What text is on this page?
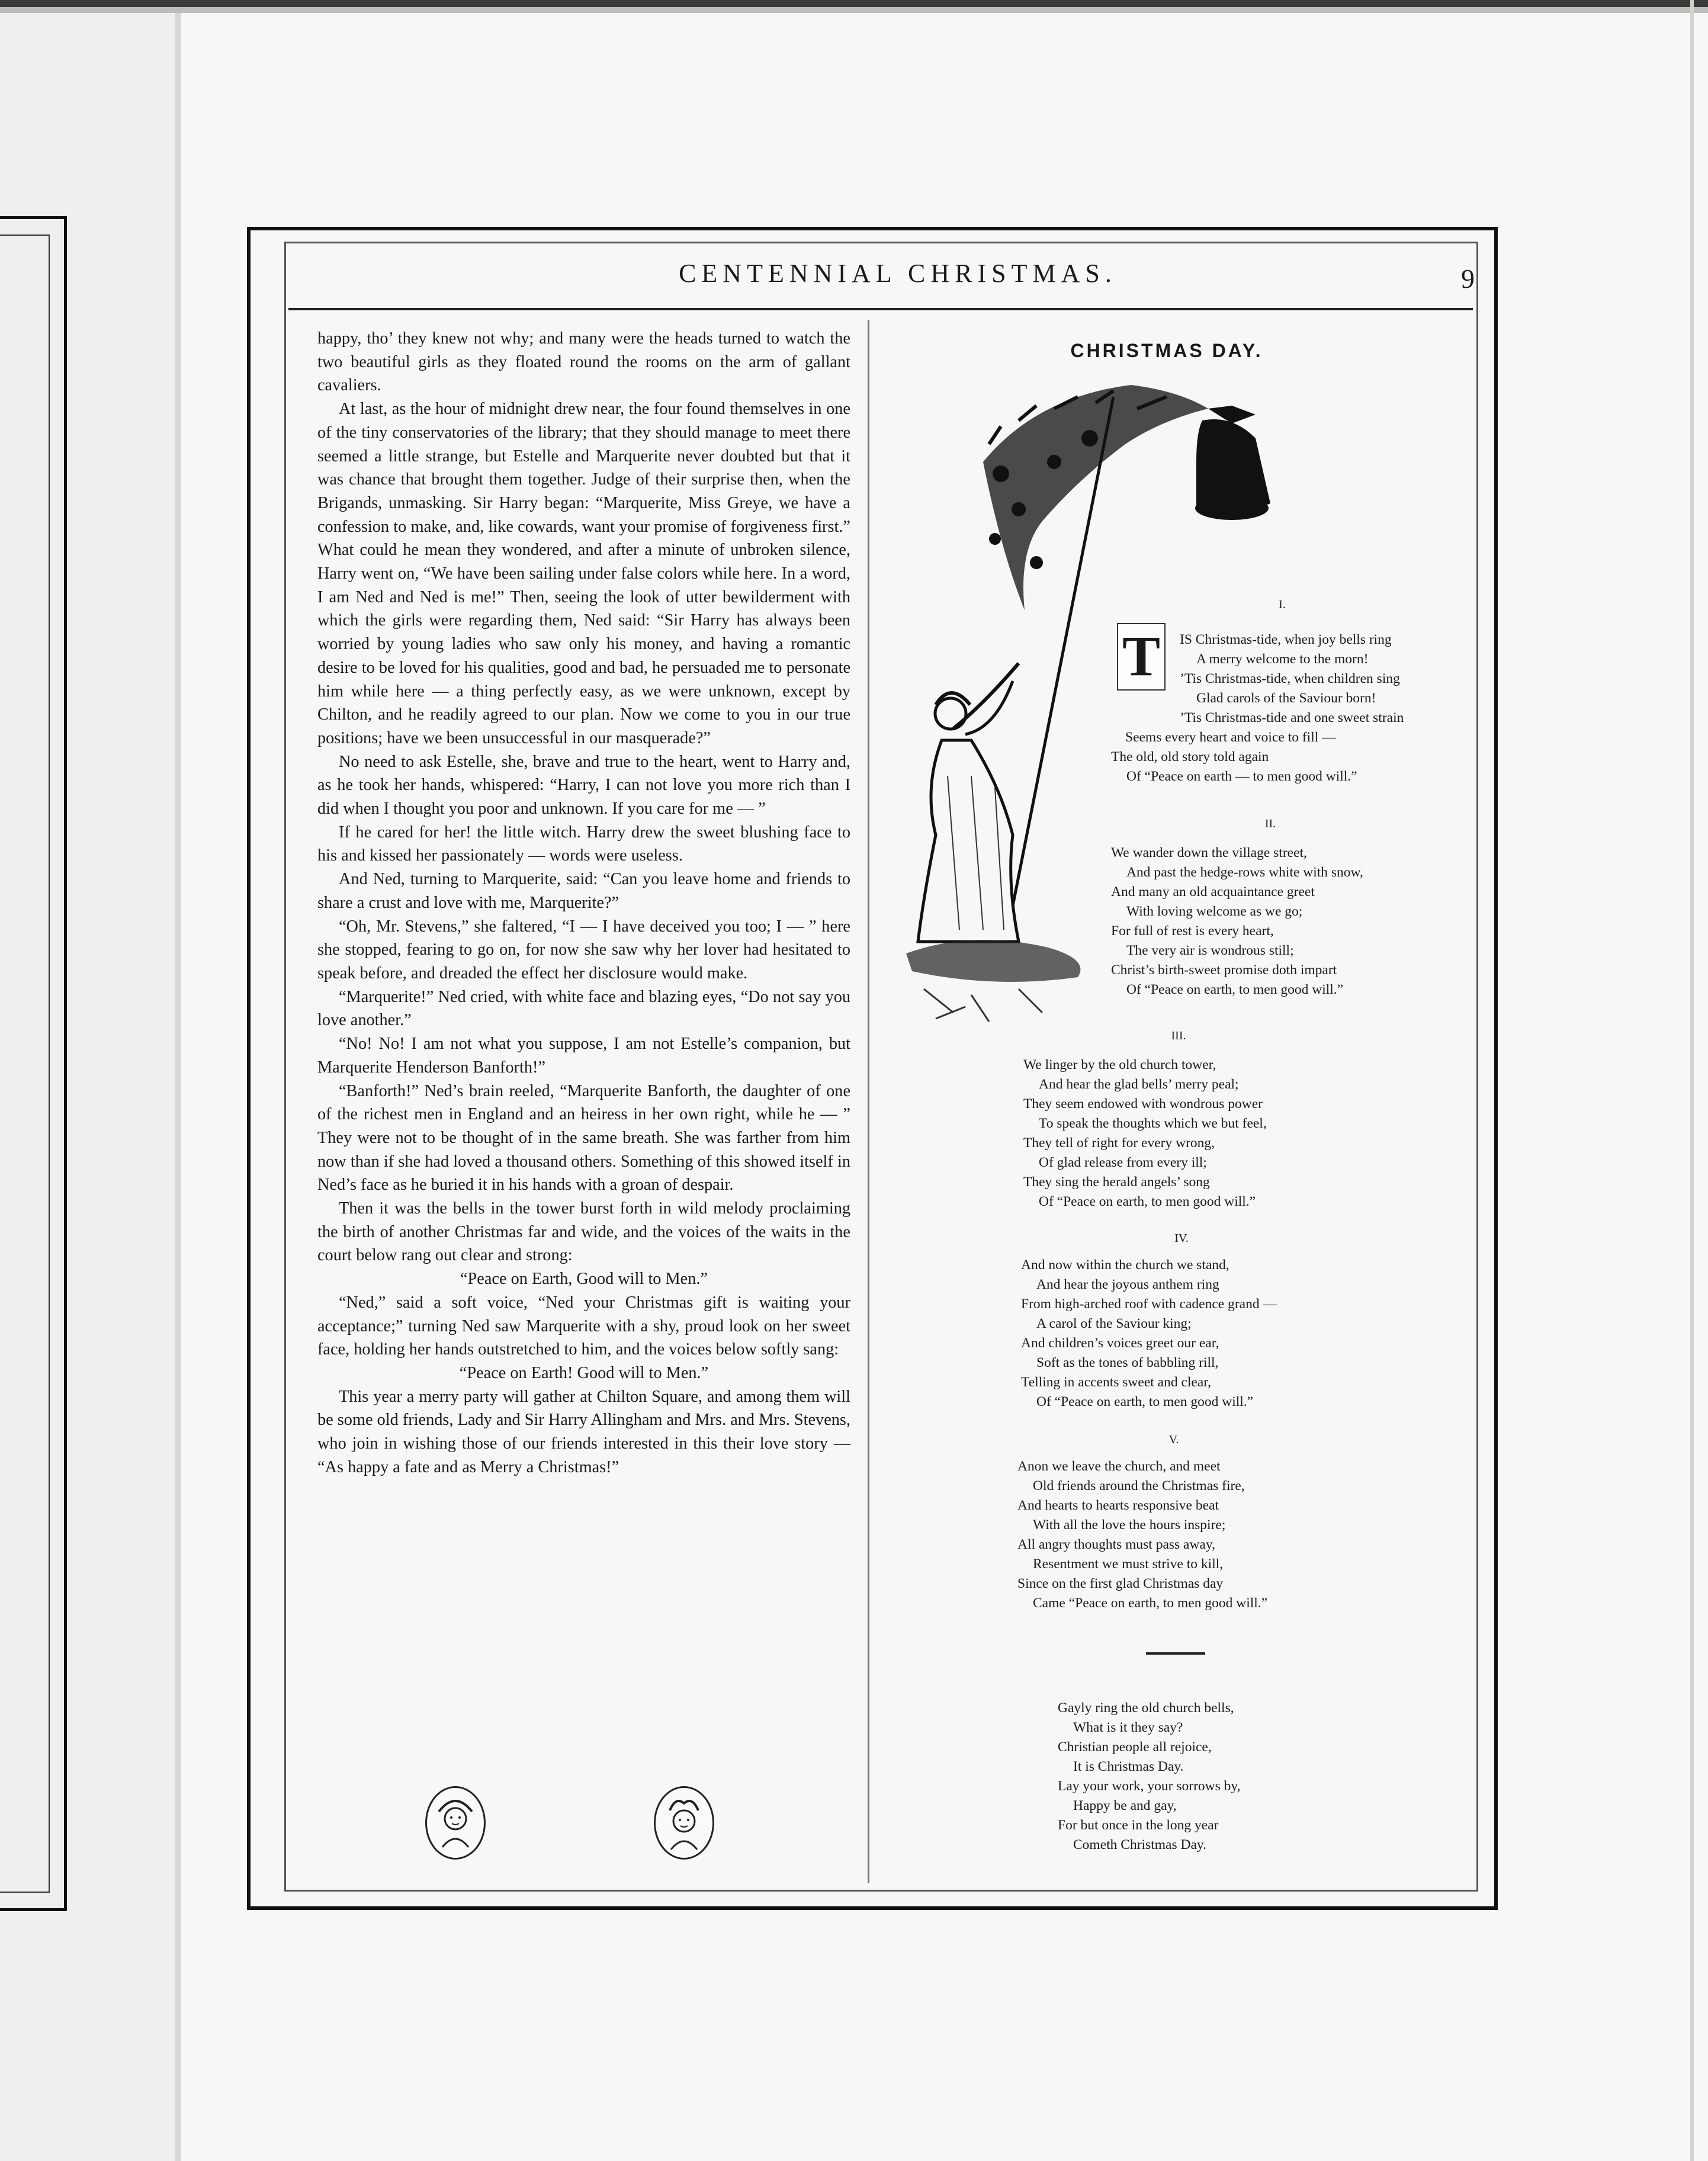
CENTENNIAL CHRISTMAS.	9

happy, tho’ they knew not why; and many were the heads turned to watch the two beautiful girls as they floated round the rooms on the arm of gallant cavaliers.

At last, as the hour of midnight drew near, the four found themselves in one of the tiny conservatories of the library; that they should manage to meet there seemed a little strange, but Estelle and Marquerite never doubted but that it was chance that brought them together. Judge of their surprise then, when the Brigands, unmasking. Sir Harry began: “Marquerite, Miss Greye, we have a confession to make, and, like cowards, want your promise of forgiveness first.” What could he mean they wondered, and after a minute of unbroken silence, Harry went on, “We have been sailing under false colors while here. In a word, I am Ned and Ned is me!” Then, seeing the look of utter bewilderment with which the girls were regarding them, Ned said: “Sir Harry has always been worried by young ladies who saw only his money, and having a romantic desire to be loved for his qualities, good and bad, he persuaded me to personate him while here — a thing perfectly easy, as we were unknown, except by Chilton, and he readily agreed to our plan. Now we come to you in our true positions; have we been unsuccessful in our masquerade?”

No need to ask Estelle, she, brave and true to the heart, went to Harry and, as he took her hands, whispered: “Harry, I can not love you more rich than I did when I thought you poor and unknown. If you care for me — ”

If he cared for her! the little witch. Harry drew the sweet blushing face to his and kissed her passionately — words were useless.

And Ned, turning to Marquerite, said: “Can you leave home and friends to share a crust and love with me, Marquerite?”

“Oh, Mr. Stevens,” she faltered, “I — I have deceived you too; I — ” here she stopped, fearing to go on, for now she saw why her lover had hesitated to speak before, and dreaded the effect her disclosure would make.

“Marquerite!” Ned cried, with white face and blazing eyes, “Do not say you love another.”

“No! No! I am not what you suppose, I am not Estelle’s companion, but Marquerite Henderson Banforth!”

“Banforth!” Ned’s brain reeled, “Marquerite Banforth, the daughter of one of the richest men in England and an heiress in her own right, while he — ” They were not to be thought of in the same breath. She was farther from him now than if she had loved a thousand others. Something of this showed itself in Ned’s face as he buried it in his hands with a groan of despair.

Then it was the bells in the tower burst forth in wild melody proclaiming the birth of another Christmas far and wide, and the voices of the waits in the court below rang out clear and strong:

“Peace on Earth, Good will to Men.”

“Ned,” said a soft voice, “Ned your Christmas gift is waiting your acceptance;” turning Ned saw Marquerite with a shy, proud look on her sweet face, holding her hands outstretched to him, and the voices below softly sang:

“Peace on Earth! Good will to Men.”

This year a merry party will gather at Chilton Square, and among them will be some old friends, Lady and Sir Harry Allingham and Mrs. and Mrs. Stevens, who join in wishing those of our friends interested in this their love story — “As happy a fate and as Merry a Christmas!”

CHRISTMAS DAY.
T
I.
IS Christmas-tide, when joy bells ring
A merry welcome to the morn!
’Tis Christmas-tide, when children sing
Glad carols of the Saviour born!
’Tis Christmas-tide and one sweet strain
Seems every heart and voice to fill —
The old, old story told again
Of “Peace on earth — to men good will.”
II.
We wander down the village street,
And past the hedge-rows white with snow,
And many an old acquaintance greet
With loving welcome as we go;
For full of rest is every heart,
The very air is wondrous still;
Christ’s birth-sweet promise doth impart
Of “Peace on earth, to men good will.”
III.
We linger by the old church tower,
And hear the glad bells’ merry peal;
They seem endowed with wondrous power
To speak the thoughts which we but feel,
They tell of right for every wrong,
Of glad release from every ill;
They sing the herald angels’ song
Of “Peace on earth, to men good will.”
IV.
And now within the church we stand,
And hear the joyous anthem ring
From high-arched roof with cadence grand —
A carol of the Saviour king;
And children’s voices greet our ear,
Soft as the tones of babbling rill,
Telling in accents sweet and clear,
Of “Peace on earth, to men good will.”
V.
Anon we leave the church, and meet
Old friends around the Christmas fire,
And hearts to hearts responsive beat
With all the love the hours inspire;
All angry thoughts must pass away,
Resentment we must strive to kill,
Since on the first glad Christmas day
Came “Peace on earth, to men good will.”
Gayly ring the old church bells,
What is it they say?
Christian people all rejoice,
It is Christmas Day.
Lay your work, your sorrows by,
Happy be and gay,
For but once in the long year
Cometh Christmas Day.
